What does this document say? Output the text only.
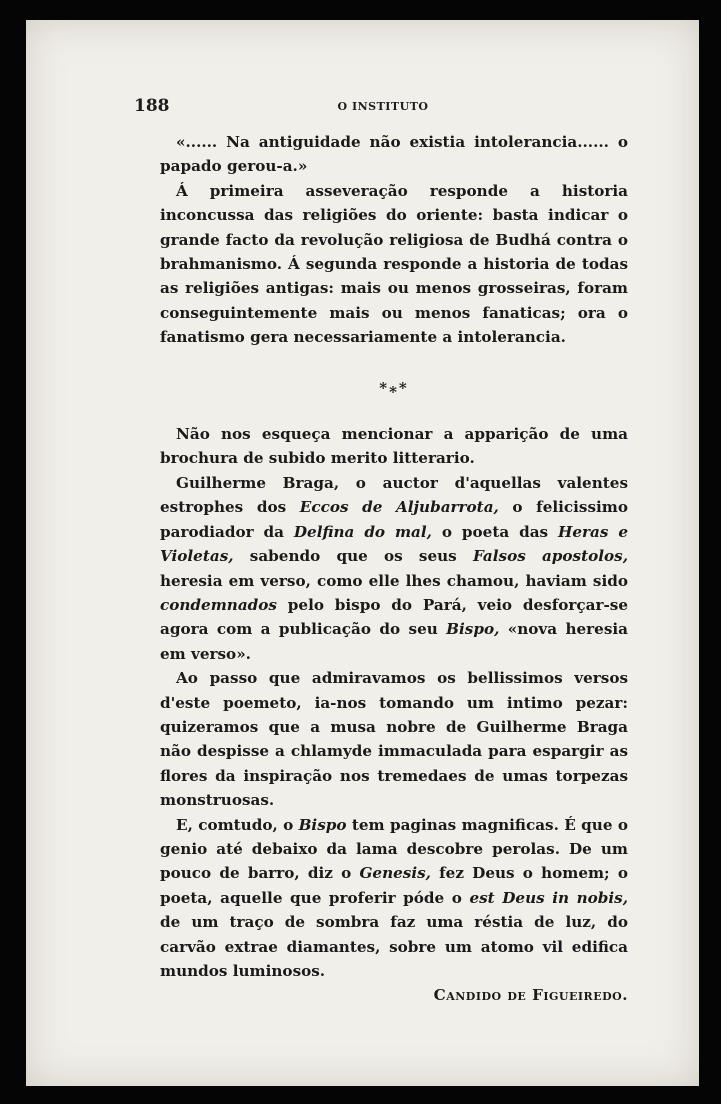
188	O INSTITUTO

«...... Na antiguidade não existia intolerancia...... o papado gerou-a.»

Á primeira asseveração responde a historia inconcussa das religiões do oriente: basta indicar o grande facto da revolução religiosa de Budhá contra o brahmanismo. Á segunda responde a historia de todas as religiões antigas: mais ou menos grosseiras, foram conseguintemente mais ou menos fanaticas; ora o fanatismo gera necessariamente a intolerancia.

*⁎*

Não nos esqueça mencionar a apparição de uma brochura de subido merito litterario.

Guilherme Braga, o auctor d'aquellas valentes estrophes dos Eccos de Aljubarrota, o felicissimo parodiador da Delfina do mal, o poeta das Heras e Violetas, sabendo que os seus Falsos apostolos, heresia em verso, como elle lhes chamou, haviam sido condemnados pelo bispo do Pará, veio desforçar-se agora com a publicação do seu Bispo, «nova heresia em verso».

Ao passo que admiravamos os bellissimos versos d'este poemeto, ia-nos tomando um intimo pezar: quizeramos que a musa nobre de Guilherme Braga não despisse a chlamyde immaculada para espargir as flores da inspiração nos tremedaes de umas torpezas monstruosas.

E, comtudo, o Bispo tem paginas magnificas. É que o genio até debaixo da lama descobre perolas. De um pouco de barro, diz o Genesis, fez Deus o homem; o poeta, aquelle que proferir póde o est Deus in nobis, de um traço de sombra faz uma réstia de luz, do carvão extrae diamantes, sobre um atomo vil edifica mundos luminosos.

Candido de Figueiredo.
